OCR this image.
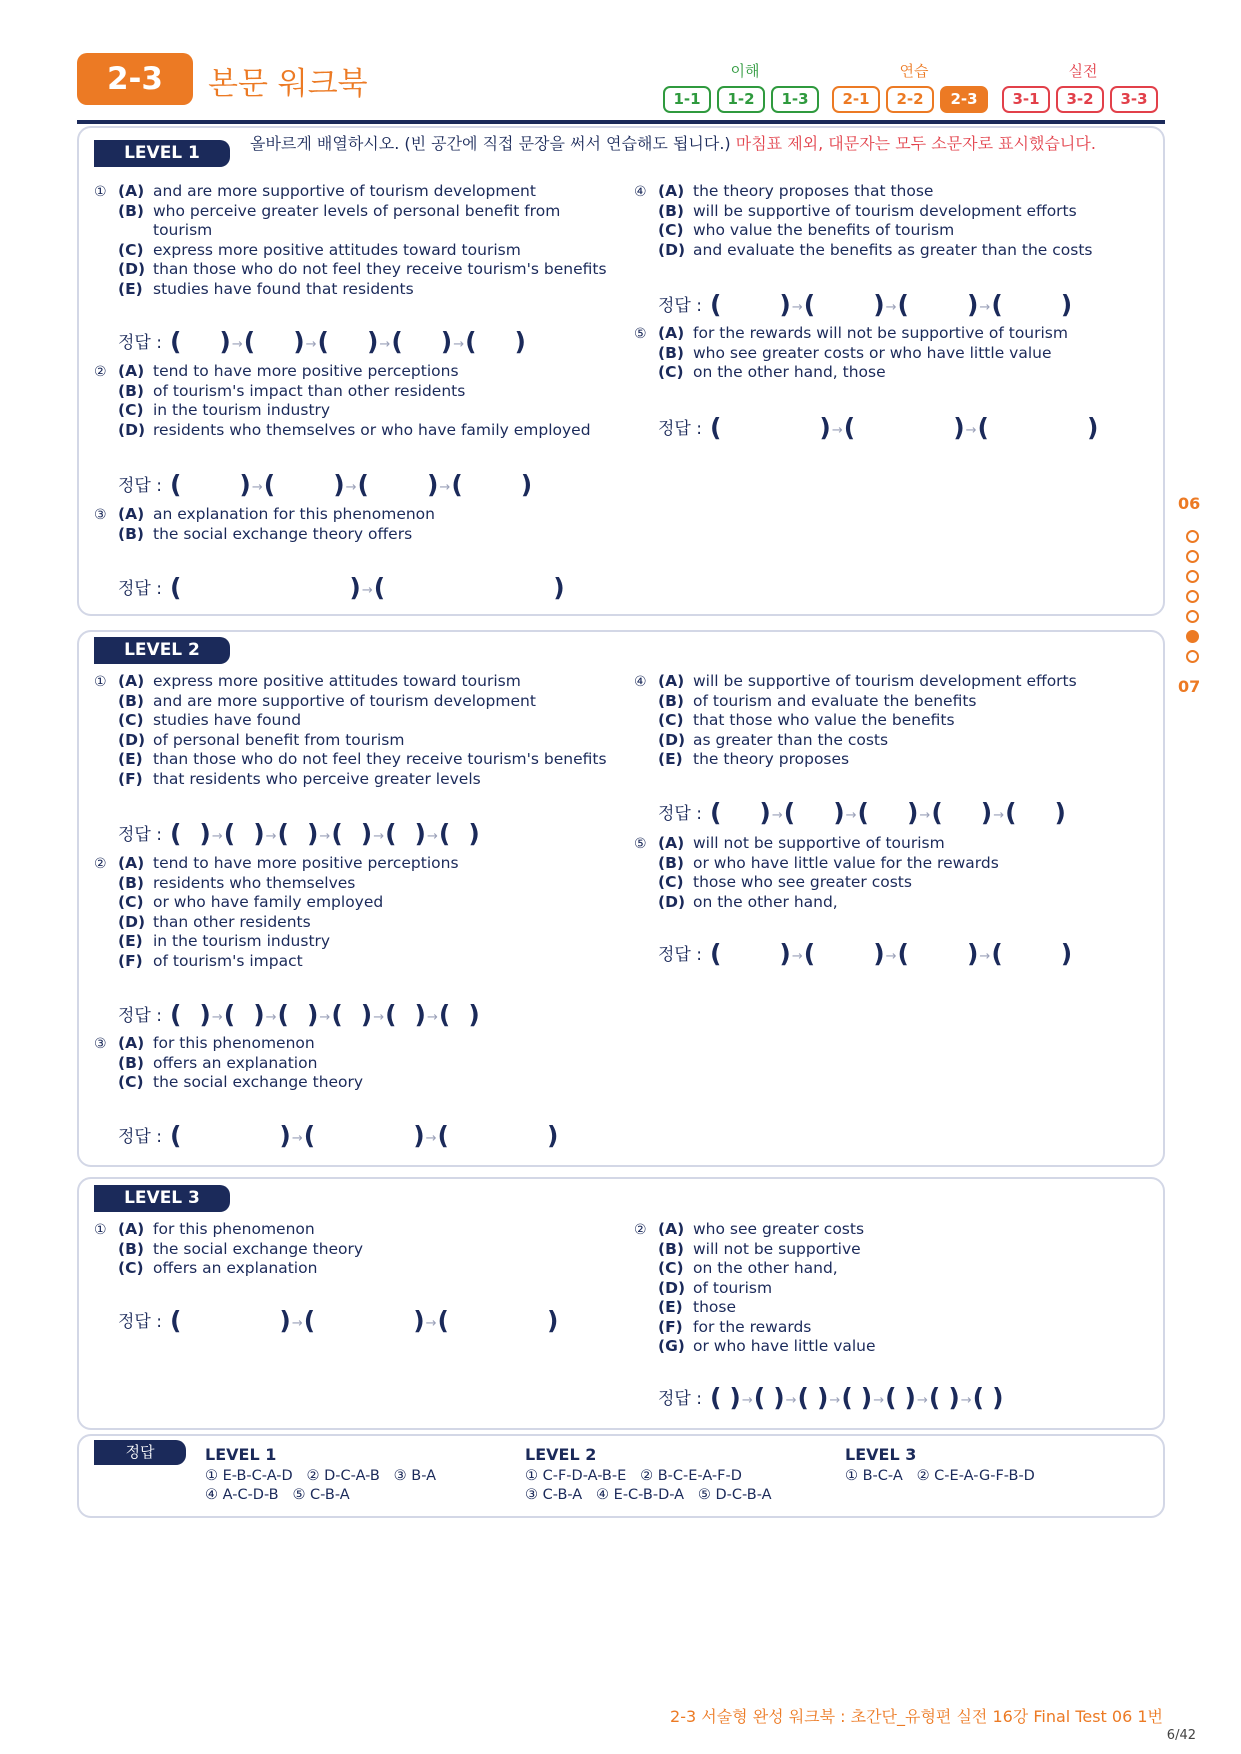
2-3	본문 워크북	이해	연습	실전
1-1	1-2	1-3	2-1	2-2	2-3	3-1	3-2	3-3
06
07
LEVEL 1	올바르게 배열하시오. (빈 공간에 직접 문장을 써서 연습해도 됩니다.) 마침표 제외, 대문자는 모두 소문자로 표시했습니다.
① (A) and are more supportive of tourism development
(B) who perceive greater levels of personal benefit from tourism
(C) express more positive attitudes toward tourism
(D) than those who do not feel they receive tourism's benefits
(E) studies have found that residents
정답 : ( )→( )→( )→( )→( )
② (A) tend to have more positive perceptions
(B) of tourism's impact than other residents
(C) in the tourism industry
(D) residents who themselves or who have family employed
정답 : ( )→( )→( )→( )
③ (A) an explanation for this phenomenon
(B) the social exchange theory offers
정답 : (	)→(	)
④ (A) the theory proposes that those
(B) will be supportive of tourism development efforts
(C) who value the benefits of tourism
(D) and evaluate the benefits as greater than the costs
정답 : ( )→( )→( )→( )
⑤ (A) for the rewards will not be supportive of tourism
(B) who see greater costs or who have little value
(C) on the other hand, those
정답 : (	)→(	)→(	)
LEVEL 2
① (A) express more positive attitudes toward tourism
(B) and are more supportive of tourism development
(C) studies have found
(D) of personal benefit from tourism
(E) than those who do not feel they receive tourism's benefits
(F) that residents who perceive greater levels
정답 : ( )→( )→( )→( )→( )→( )
② (A) tend to have more positive perceptions
(B) residents who themselves
(C) or who have family employed
(D) than other residents
(E) in the tourism industry
(F) of tourism's impact
정답 : ( )→( )→( )→( )→( )→( )
③ (A) for this phenomenon
(B) offers an explanation
(C) the social exchange theory
정답 : (	)→(	)→(	)
④ (A) will be supportive of tourism development efforts
(B) of tourism and evaluate the benefits
(C) that those who value the benefits
(D) as greater than the costs
(E) the theory proposes
정답 : ( )→( )→( )→( )→( )
⑤ (A) will not be supportive of tourism
(B) or who have little value for the rewards
(C) those who see greater costs
(D) on the other hand,
정답 : ( )→( )→( )→( )
LEVEL 3
① (A) for this phenomenon
(B) the social exchange theory
(C) offers an explanation
정답 : (	)→(	)→(	)
② (A) who see greater costs
(B) will not be supportive
(C) on the other hand,
(D) of tourism
(E) those
(F) for the rewards
(G) or who have little value
정답 : ( )→( )→( )→( )→( )→( )→( )
정답	LEVEL 1
① E-B-C-A-D   ② D-C-A-B   ③ B-A
④ A-C-D-B   ⑤ C-B-A
LEVEL 2
① C-F-D-A-B-E   ② B-C-E-A-F-D
③ C-B-A   ④ E-C-B-D-A   ⑤ D-C-B-A
LEVEL 3
① B-C-A   ② C-E-A-G-F-B-D
2-3 서술형 완성 워크북 : 초간단_유형편 실전 16강 Final Test 06 1번
6/42
